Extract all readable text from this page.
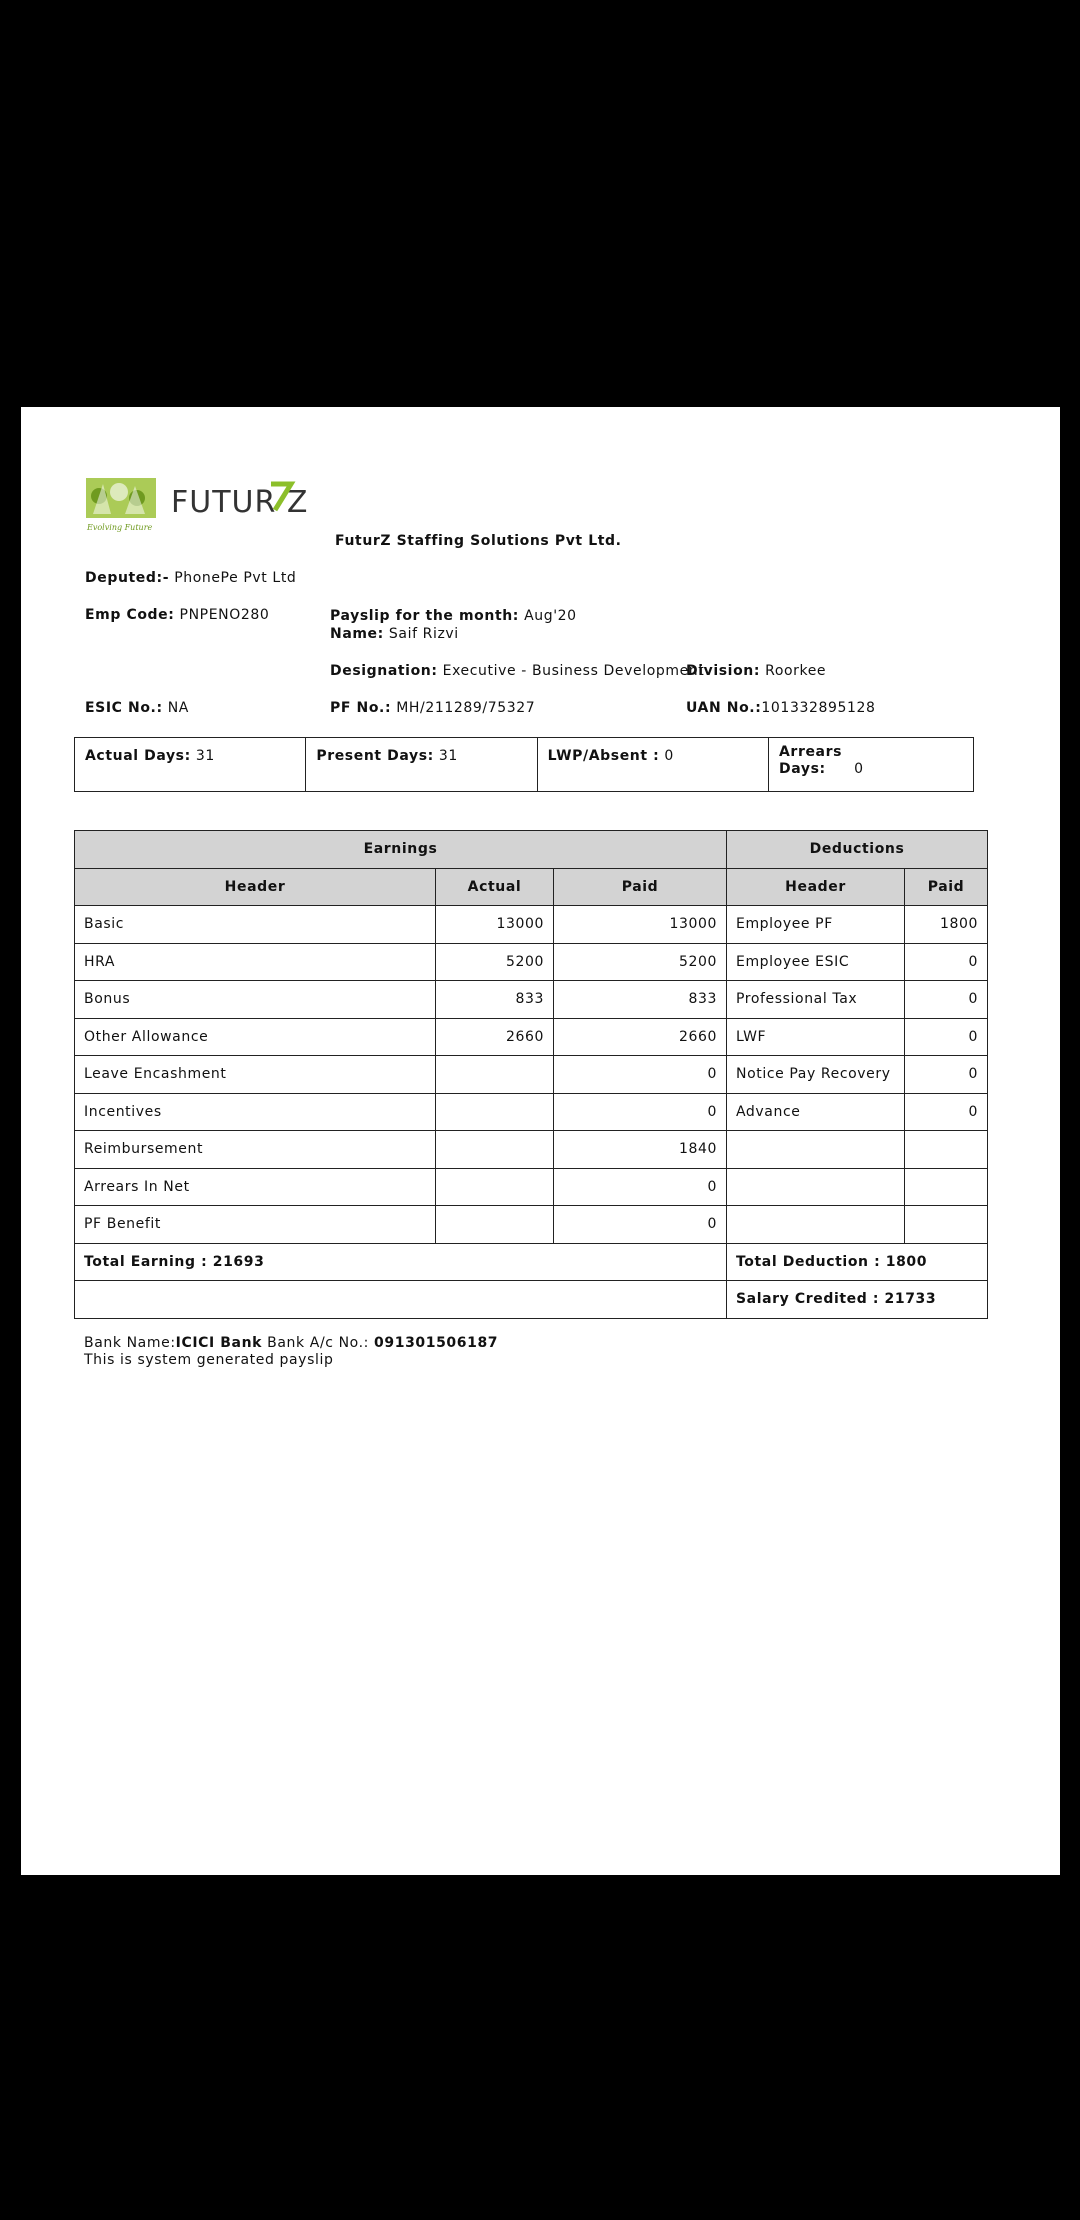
FUTUR Z
Evolving Future
FuturZ Staffing Solutions Pvt Ltd.
Deputed:- PhonePe Pvt Ltd
Emp Code: PNPENO280	Payslip for the month: Aug'20
Name: Saif Rizvi
Designation: Executive - Business Development
Division: Roorkee
ESIC No.: NA	PF No.: MH/211289/75327	UAN No.:101332895128
Actual Days: 31	Present Days: 31	LWP/Absent : 0	Arrears Days: 0
Earnings			Deductions	
Header	Actual	Paid	Header	Paid
Basic	13000	13000	Employee PF	1800
HRA	5200	5200	Employee ESIC	0
Bonus	833	833	Professional Tax	0
Other Allowance	2660	2660	LWF	0
Leave Encashment		0	Notice Pay Recovery	0
Incentives		0	Advance	0
Reimbursement		1840		
Arrears In Net		0		
PF Benefit		0		
Total Earning : 21693			Total Deduction : 1800	
			Salary Credited : 21733	
Bank Name:ICICI Bank Bank A/c No.: 091301506187
This is system generated payslip
